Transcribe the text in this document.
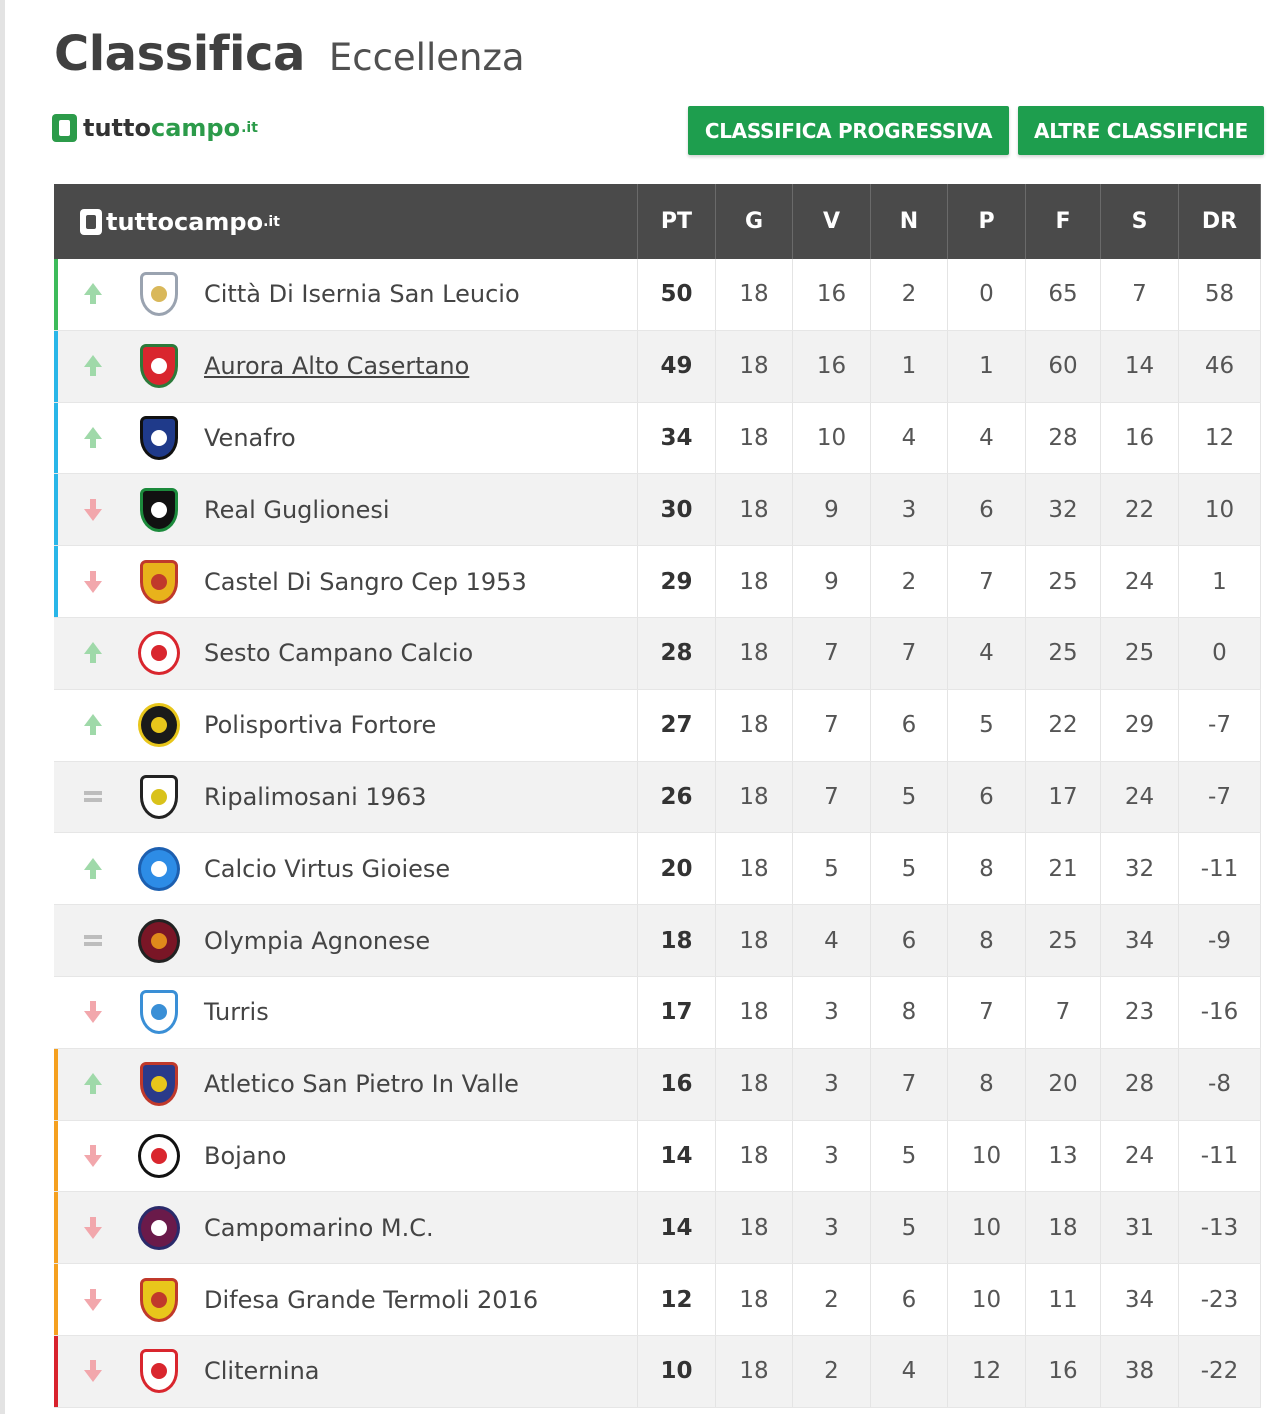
Classifica Eccellenza
tutto campo .it	CLASSIFICA PROGRESSIVA	ALTRE CLASSIFICHE
tutto campo .it	PT	G	V	N	P	F	S	DR
Città Di Isernia San Leucio	50	18	16	2	0	65	7	58
Aurora Alto Casertano	49	18	16	1	1	60	14	46
Venafro	34	18	10	4	4	28	16	12
Real Guglionesi	30	18	9	3	6	32	22	10
Castel Di Sangro Cep 1953	29	18	9	2	7	25	24	1
Sesto Campano Calcio	28	18	7	7	4	25	25	0
Polisportiva Fortore	27	18	7	6	5	22	29	-7
Ripalimosani 1963	26	18	7	5	6	17	24	-7
Calcio Virtus Gioiese	20	18	5	5	8	21	32	-11
Olympia Agnonese	18	18	4	6	8	25	34	-9
Turris	17	18	3	8	7	7	23	-16
Atletico San Pietro In Valle	16	18	3	7	8	20	28	-8
Bojano	14	18	3	5	10	13	24	-11
Campomarino M.C.	14	18	3	5	10	18	31	-13
Difesa Grande Termoli 2016	12	18	2	6	10	11	34	-23
Cliternina	10	18	2	4	12	16	38	-22
